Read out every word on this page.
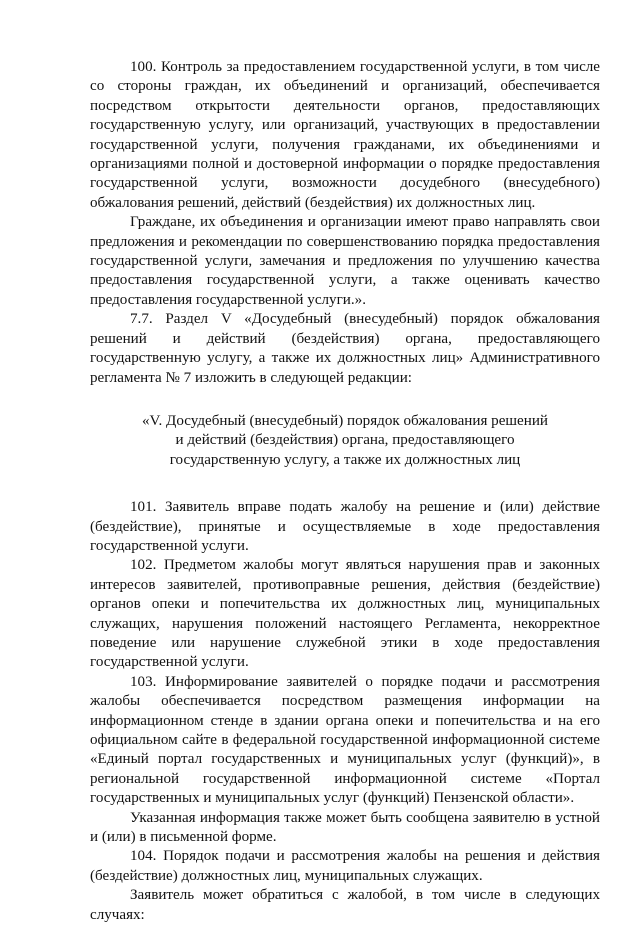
100. Контроль за предоставлением государственной услуги, в том числе со стороны граждан, их объединений и организаций, обеспечивается посредством открытости деятельности органов, предоставляющих государственную услугу, или организаций, участвующих в предоставлении государственной услуги, получения гражданами, их объединениями и организациями полной и достоверной информации о порядке предоставления государственной услуги, возможности досудебного (внесудебного) обжалования решений, действий (бездействия) их должностных лиц.

Граждане, их объединения и организации имеют право направлять свои предложения и рекомендации по совершенствованию порядка предоставления государственной услуги, замечания и предложения по улучшению качества предоставления государственной услуги, а также оценивать качество предоставления государственной услуги.».

7.7. Раздел V «Досудебный (внесудебный) порядок обжалования решений и действий (бездействия) органа, предоставляющего государственную услугу, а также их должностных лиц» Административного регламента № 7 изложить в следующей редакции:

«V. Досудебный (внесудебный) порядок обжалования решений
и действий (бездействия) органа, предоставляющего
государственную услугу, а также их должностных лиц

101. Заявитель вправе подать жалобу на решение и (или) действие (бездействие), принятые и осуществляемые в ходе предоставления государственной услуги.

102. Предметом жалобы могут являться нарушения прав и законных интересов заявителей, противоправные решения, действия (бездействие) органов опеки и попечительства их должностных лиц, муниципальных служащих, нарушения положений настоящего Регламента, некорректное поведение или нарушение служебной этики в ходе предоставления государственной услуги.

103. Информирование заявителей о порядке подачи и рассмотрения жалобы обеспечивается посредством размещения информации на информационном стенде в здании органа опеки и попечительства и на его официальном сайте в федеральной государственной информационной системе «Единый портал государственных и муниципальных услуг (функций)», в региональной государственной информационной системе «Портал государственных и муниципальных услуг (функций) Пензенской области».

Указанная информация также может быть сообщена заявителю в устной и (или) в письменной форме.

104. Порядок подачи и рассмотрения жалобы на решения и действия (бездействие) должностных лиц, муниципальных служащих.

Заявитель может обратиться с жалобой, в том числе в следующих случаях:
